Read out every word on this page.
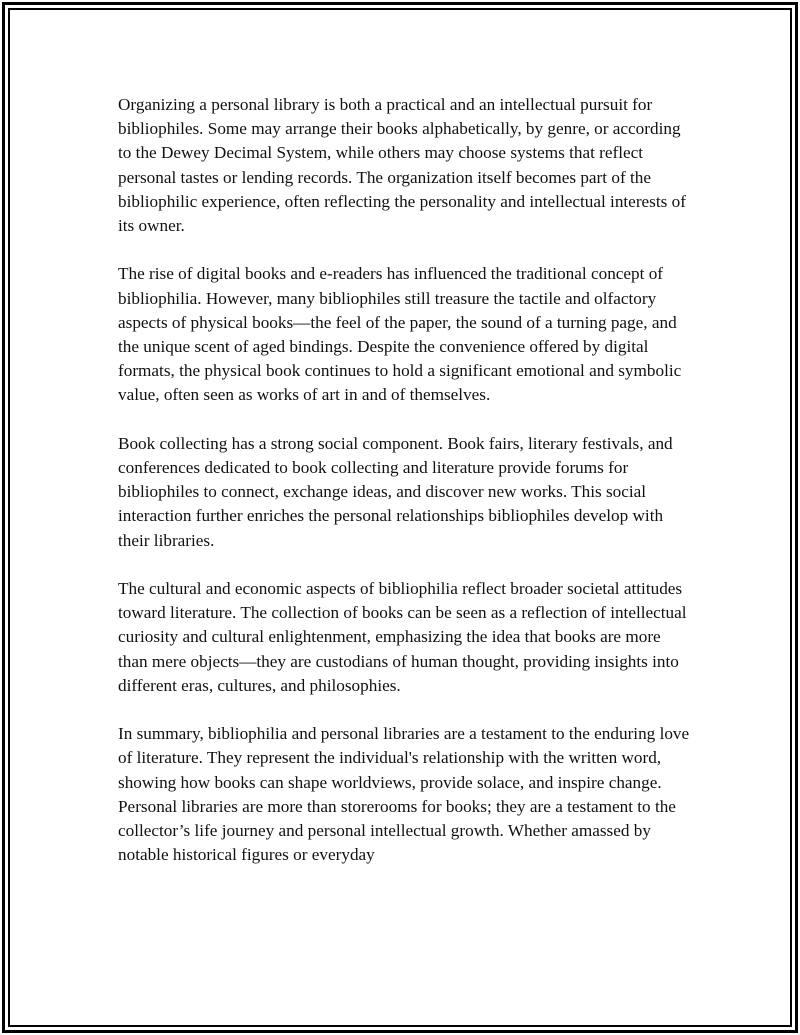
Organizing a personal library is both a practical and an intellectual pursuit for bibliophiles. Some may arrange their books alphabetically, by genre, or according to the Dewey Decimal System, while others may choose systems that reflect personal tastes or lending records. The organization itself becomes part of the bibliophilic experience, often reflecting the personality and intellectual interests of its owner.

The rise of digital books and e-readers has influenced the traditional concept of bibliophilia. However, many bibliophiles still treasure the tactile and olfactory aspects of physical books—the feel of the paper, the sound of a turning page, and the unique scent of aged bindings. Despite the convenience offered by digital formats, the physical book continues to hold a significant emotional and symbolic value, often seen as works of art in and of themselves.

Book collecting has a strong social component. Book fairs, literary festivals, and conferences dedicated to book collecting and literature provide forums for bibliophiles to connect, exchange ideas, and discover new works. This social interaction further enriches the personal relationships bibliophiles develop with their libraries.

The cultural and economic aspects of bibliophilia reflect broader societal attitudes toward literature. The collection of books can be seen as a reflection of intellectual curiosity and cultural enlightenment, emphasizing the idea that books are more than mere objects—they are custodians of human thought, providing insights into different eras, cultures, and philosophies.

In summary, bibliophilia and personal libraries are a testament to the enduring love of literature. They represent the individual's relationship with the written word, showing how books can shape worldviews, provide solace, and inspire change. Personal libraries are more than storerooms for books; they are a testament to the collector’s life journey and personal intellectual growth. Whether amassed by notable historical figures or everyday
